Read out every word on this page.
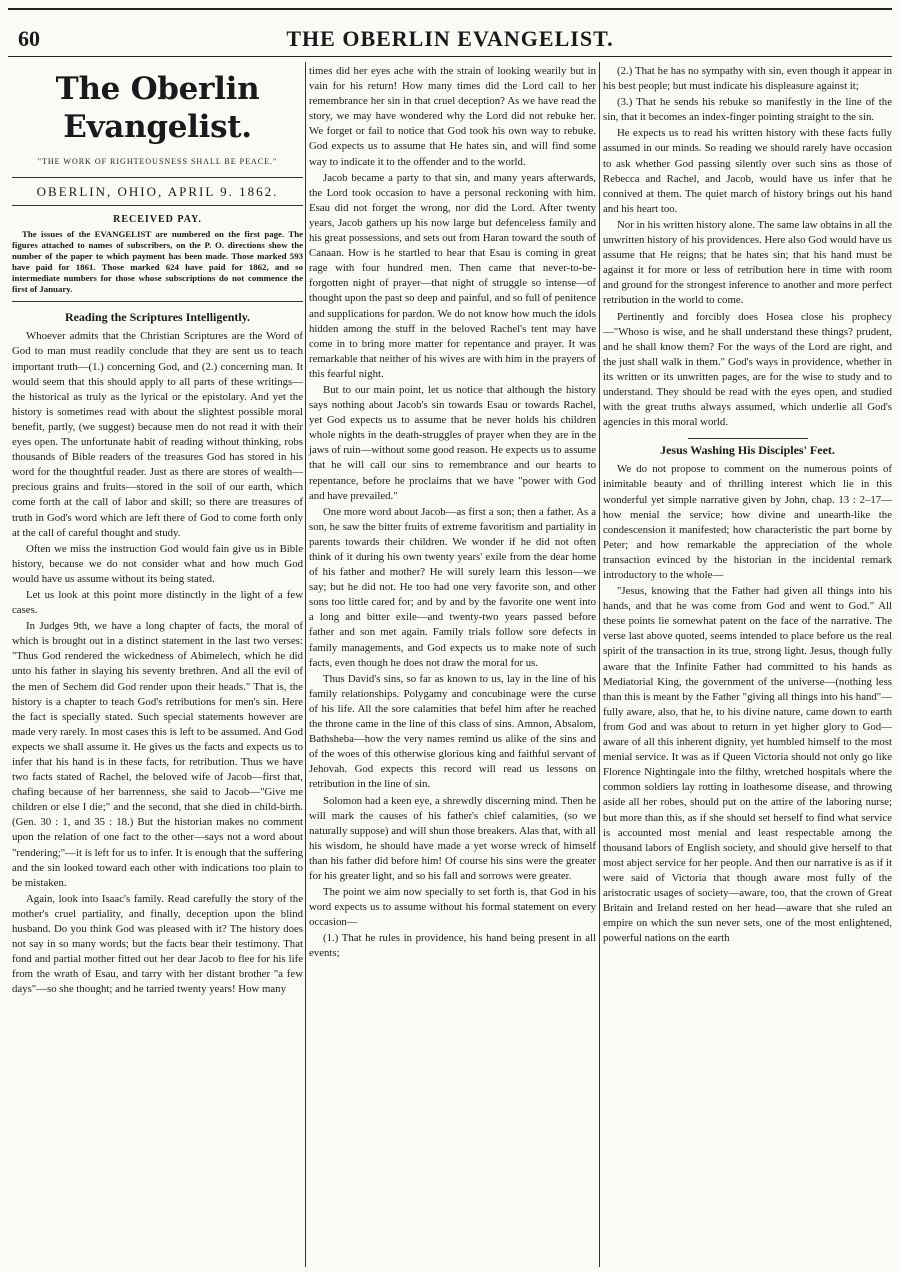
60	THE OBERLIN EVANGELIST.
The Oberlin Evangelist.
"THE WORK OF RIGHTEOUSNESS SHALL BE PEACE."
OBERLIN, OHIO, APRIL 9. 1862.
RECEIVED PAY.
The issues of the EVANGELIST are numbered on the first page. The figures attached to names of subscribers, on the P. O. directions show the number of the paper to which payment has been made. Those marked 593 have paid for 1861. Those marked 624 have paid for 1862, and so intermediate numbers for those whose subscriptions do not commence the first of January.
Reading the Scriptures Intelligently.

Whoever admits that the Christian Scriptures are the Word of God to man must readily conclude that they are sent us to teach important truth—(1.) concerning God, and (2.) concerning man. It would seem that this should apply to all parts of these writings—the historical as truly as the lyrical or the epistolary. And yet the history is sometimes read with about the slightest possible moral benefit, partly, (we suggest) because men do not read it with their eyes open. The unfortunate habit of reading without thinking, robs thousands of Bible readers of the treasures God has stored in his word for the thoughtful reader. Just as there are stores of wealth—precious grains and fruits—stored in the soil of our earth, which come forth at the call of labor and skill; so there are treasures of truth in God's word which are left there of God to come forth only at the call of careful thought and study.

Often we miss the instruction God would fain give us in Bible history, because we do not consider what and how much God would have us assume without its being stated.

Let us look at this point more distinctly in the light of a few cases.

In Judges 9th, we have a long chapter of facts, the moral of which is brought out in a distinct statement in the last two verses: "Thus God rendered the wickedness of Abimelech, which he did unto his father in slaying his seventy brethren. And all the evil of the men of Sechem did God render upon their heads." That is, the history is a chapter to teach God's retributions for men's sin. Here the fact is specially stated. Such special statements however are made very rarely. In most cases this is left to be assumed. And God expects we shall assume it. He gives us the facts and expects us to infer that his hand is in these facts, for retribution. Thus we have two facts stated of Rachel, the beloved wife of Jacob—first that, chafing because of her barrenness, she said to Jacob—"Give me children or else I die;" and the second, that she died in child-birth. (Gen. 30 : 1, and 35 : 18.) But the historian makes no comment upon the relation of one fact to the other—says not a word about "rendering;"—it is left for us to infer. It is enough that the suffering and the sin looked toward each other with indications too plain to be mistaken.

Again, look into Isaac's family. Read carefully the story of the mother's cruel partiality, and finally, deception upon the blind husband. Do you think God was pleased with it? The history does not say in so many words; but the facts bear their testimony. That fond and partial mother fitted out her dear Jacob to flee for his life from the wrath of Esau, and tarry with her distant brother "a few days"—so she thought; and he tarried twenty years! How many

times did her eyes ache with the strain of looking wearily but in vain for his return! How many times did the Lord call to her remembrance her sin in that cruel deception? As we have read the story, we may have wondered why the Lord did not rebuke her. We forget or fail to notice that God took his own way to rebuke. God expects us to assume that He hates sin, and will find some way to indicate it to the offender and to the world.

Jacob became a party to that sin, and many years afterwards, the Lord took occasion to have a personal reckoning with him. Esau did not forget the wrong, nor did the Lord. After twenty years, Jacob gathers up his now large but defenceless family and his great possessions, and sets out from Haran toward the south of Canaan. How is he startled to hear that Esau is coming in great rage with four hundred men. Then came that never-to-be-forgotten night of prayer—that night of struggle so intense—of thought upon the past so deep and painful, and so full of penitence and supplications for pardon. We do not know how much the idols hidden among the stuff in the beloved Rachel's tent may have come in to bring more matter for repentance and prayer. It was remarkable that neither of his wives are with him in the prayers of this fearful night.

But to our main point, let us notice that although the history says nothing about Jacob's sin towards Esau or towards Rachel, yet God expects us to assume that he never holds his children whole nights in the death-struggles of prayer when they are in the jaws of ruin—without some good reason. He expects us to assume that he will call our sins to remembrance and our hearts to repentance, before he proclaims that we have "power with God and have prevailed."

One more word about Jacob—as first a son; then a father. As a son, he saw the bitter fruits of extreme favoritism and partiality in parents towards their children. We wonder if he did not often think of it during his own twenty years' exile from the dear home of his father and mother? He will surely learn this lesson—we say; but he did not. He too had one very favorite son, and other sons too little cared for; and by and by the favorite one went into a long and bitter exile—and twenty-two years passed before father and son met again. Family trials follow sore defects in family managements, and God expects us to make note of such facts, even though he does not draw the moral for us.

Thus David's sins, so far as known to us, lay in the line of his family relationships. Polygamy and concubinage were the curse of his life. All the sore calamities that befel him after he reached the throne came in the line of this class of sins. Amnon, Absalom, Bathsheba—how the very names remind us alike of the sins and of the woes of this otherwise glorious king and faithful servant of Jehovah. God expects this record will read us lessons on retribution in the line of sin.

Solomon had a keen eye, a shrewdly discerning mind. Then he will mark the causes of his father's chief calamities, (so we naturally suppose) and will shun those breakers. Alas that, with all his wisdom, he should have made a yet worse wreck of himself than his father did before him! Of course his sins were the greater for his greater light, and so his fall and sorrows were greater.

The point we aim now specially to set forth is, that God in his word expects us to assume without his formal statement on every occasion—

(1.) That he rules in providence, his hand being present in all events;

(2.) That he has no sympathy with sin, even though it appear in his best people; but must indicate his displeasure against it;

(3.) That he sends his rebuke so manifestly in the line of the sin, that it becomes an index-finger pointing straight to the sin.

He expects us to read his written history with these facts fully assumed in our minds. So reading we should rarely have occasion to ask whether God passing silently over such sins as those of Rebecca and Rachel, and Jacob, would have us infer that he connived at them. The quiet march of history brings out his hand and his heart too.

Nor in his written history alone. The same law obtains in all the unwritten history of his providences. Here also God would have us assume that He reigns; that he hates sin; that his hand must be against it for more or less of retribution here in time with room and ground for the strongest inference to another and more perfect retribution in the world to come.

Pertinently and forcibly does Hosea close his prophecy—"Whoso is wise, and he shall understand these things? prudent, and he shall know them? For the ways of the Lord are right, and the just shall walk in them." God's ways in providence, whether in its written or its unwritten pages, are for the wise to study and to understand. They should be read with the eyes open, and studied with the great truths always assumed, which underlie all God's agencies in this moral world.

Jesus Washing His Disciples' Feet.

We do not propose to comment on the numerous points of inimitable beauty and of thrilling interest which lie in this wonderful yet simple narrative given by John, chap. 13 : 2–17—how menial the service; how divine and unearth-like the condescension it manifested; how characteristic the part borne by Peter; and how remarkable the appreciation of the whole transaction evinced by the historian in the incidental remark introductory to the whole—

"Jesus, knowing that the Father had given all things into his hands, and that he was come from God and went to God." All these points lie somewhat patent on the face of the narrative. The verse last above quoted, seems intended to place before us the real spirit of the transaction in its true, strong light. Jesus, though fully aware that the Infinite Father had committed to his hands as Mediatorial King, the government of the universe—(nothing less than this is meant by the Father "giving all things into his hand"—fully aware, also, that he, to his divine nature, came down to earth from God and was about to return in yet higher glory to God—aware of all this inherent dignity, yet humbled himself to the most menial service. It was as if Queen Victoria should not only go like Florence Nightingale into the filthy, wretched hospitals where the common soldiers lay rotting in loathesome disease, and throwing aside all her robes, should put on the attire of the laboring nurse; but more than this, as if she should set herself to find what service is accounted most menial and least respectable among the thousand labors of English society, and should give herself to that most abject service for her people. And then our narrative is as if it were said of Victoria that though aware most fully of the aristocratic usages of society—aware, too, that the crown of Great Britain and Ireland rested on her head—aware that she ruled an empire on which the sun never sets, one of the most enlightened, powerful nations on the earth
